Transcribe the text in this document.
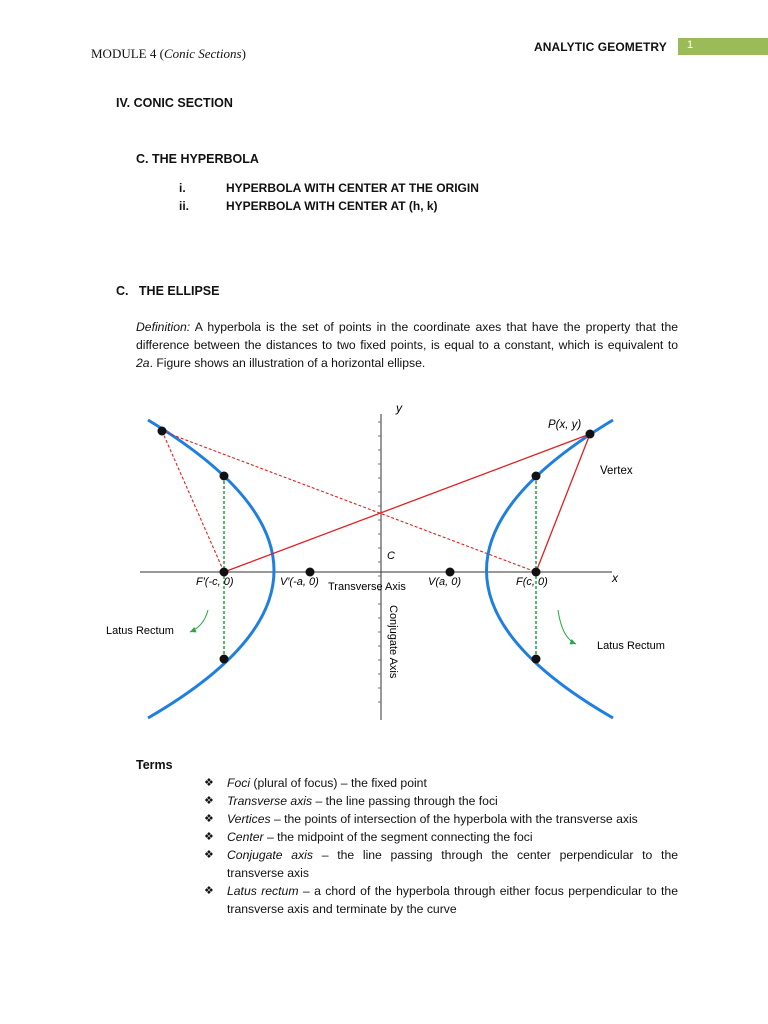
MODULE 4 (Conic Sections)	ANALYTIC GEOMETRY 1
IV. CONIC SECTION
C. THE HYPERBOLA
i.	HYPERBOLA WITH CENTER AT THE ORIGIN
ii.	HYPERBOLA WITH CENTER AT (h, k)
C.   THE ELLIPSE
Definition: A hyperbola is the set of points in the coordinate axes that have the property that the difference between the distances to two fixed points, is equal to a constant, which is equivalent to 2a. Figure shows an illustration of a horizontal ellipse.
y
x
P(x, y)
Vertex
C
F′(-c, 0)	V′(-a, 0) Transverse Axis V(a, 0)	F(c, 0)
Conjugate Axis
Latus Rectum
Latus Rectum
Terms
❖ Foci (plural of focus) – the fixed point
❖ Transverse axis – the line passing through the foci
❖ Vertices – the points of intersection of the hyperbola with the transverse axis
❖ Center – the midpoint of the segment connecting the foci
❖ Conjugate axis – the line passing through the center perpendicular to the transverse axis
❖ Latus rectum – a chord of the hyperbola through either focus perpendicular to the transverse axis and terminate by the curve
